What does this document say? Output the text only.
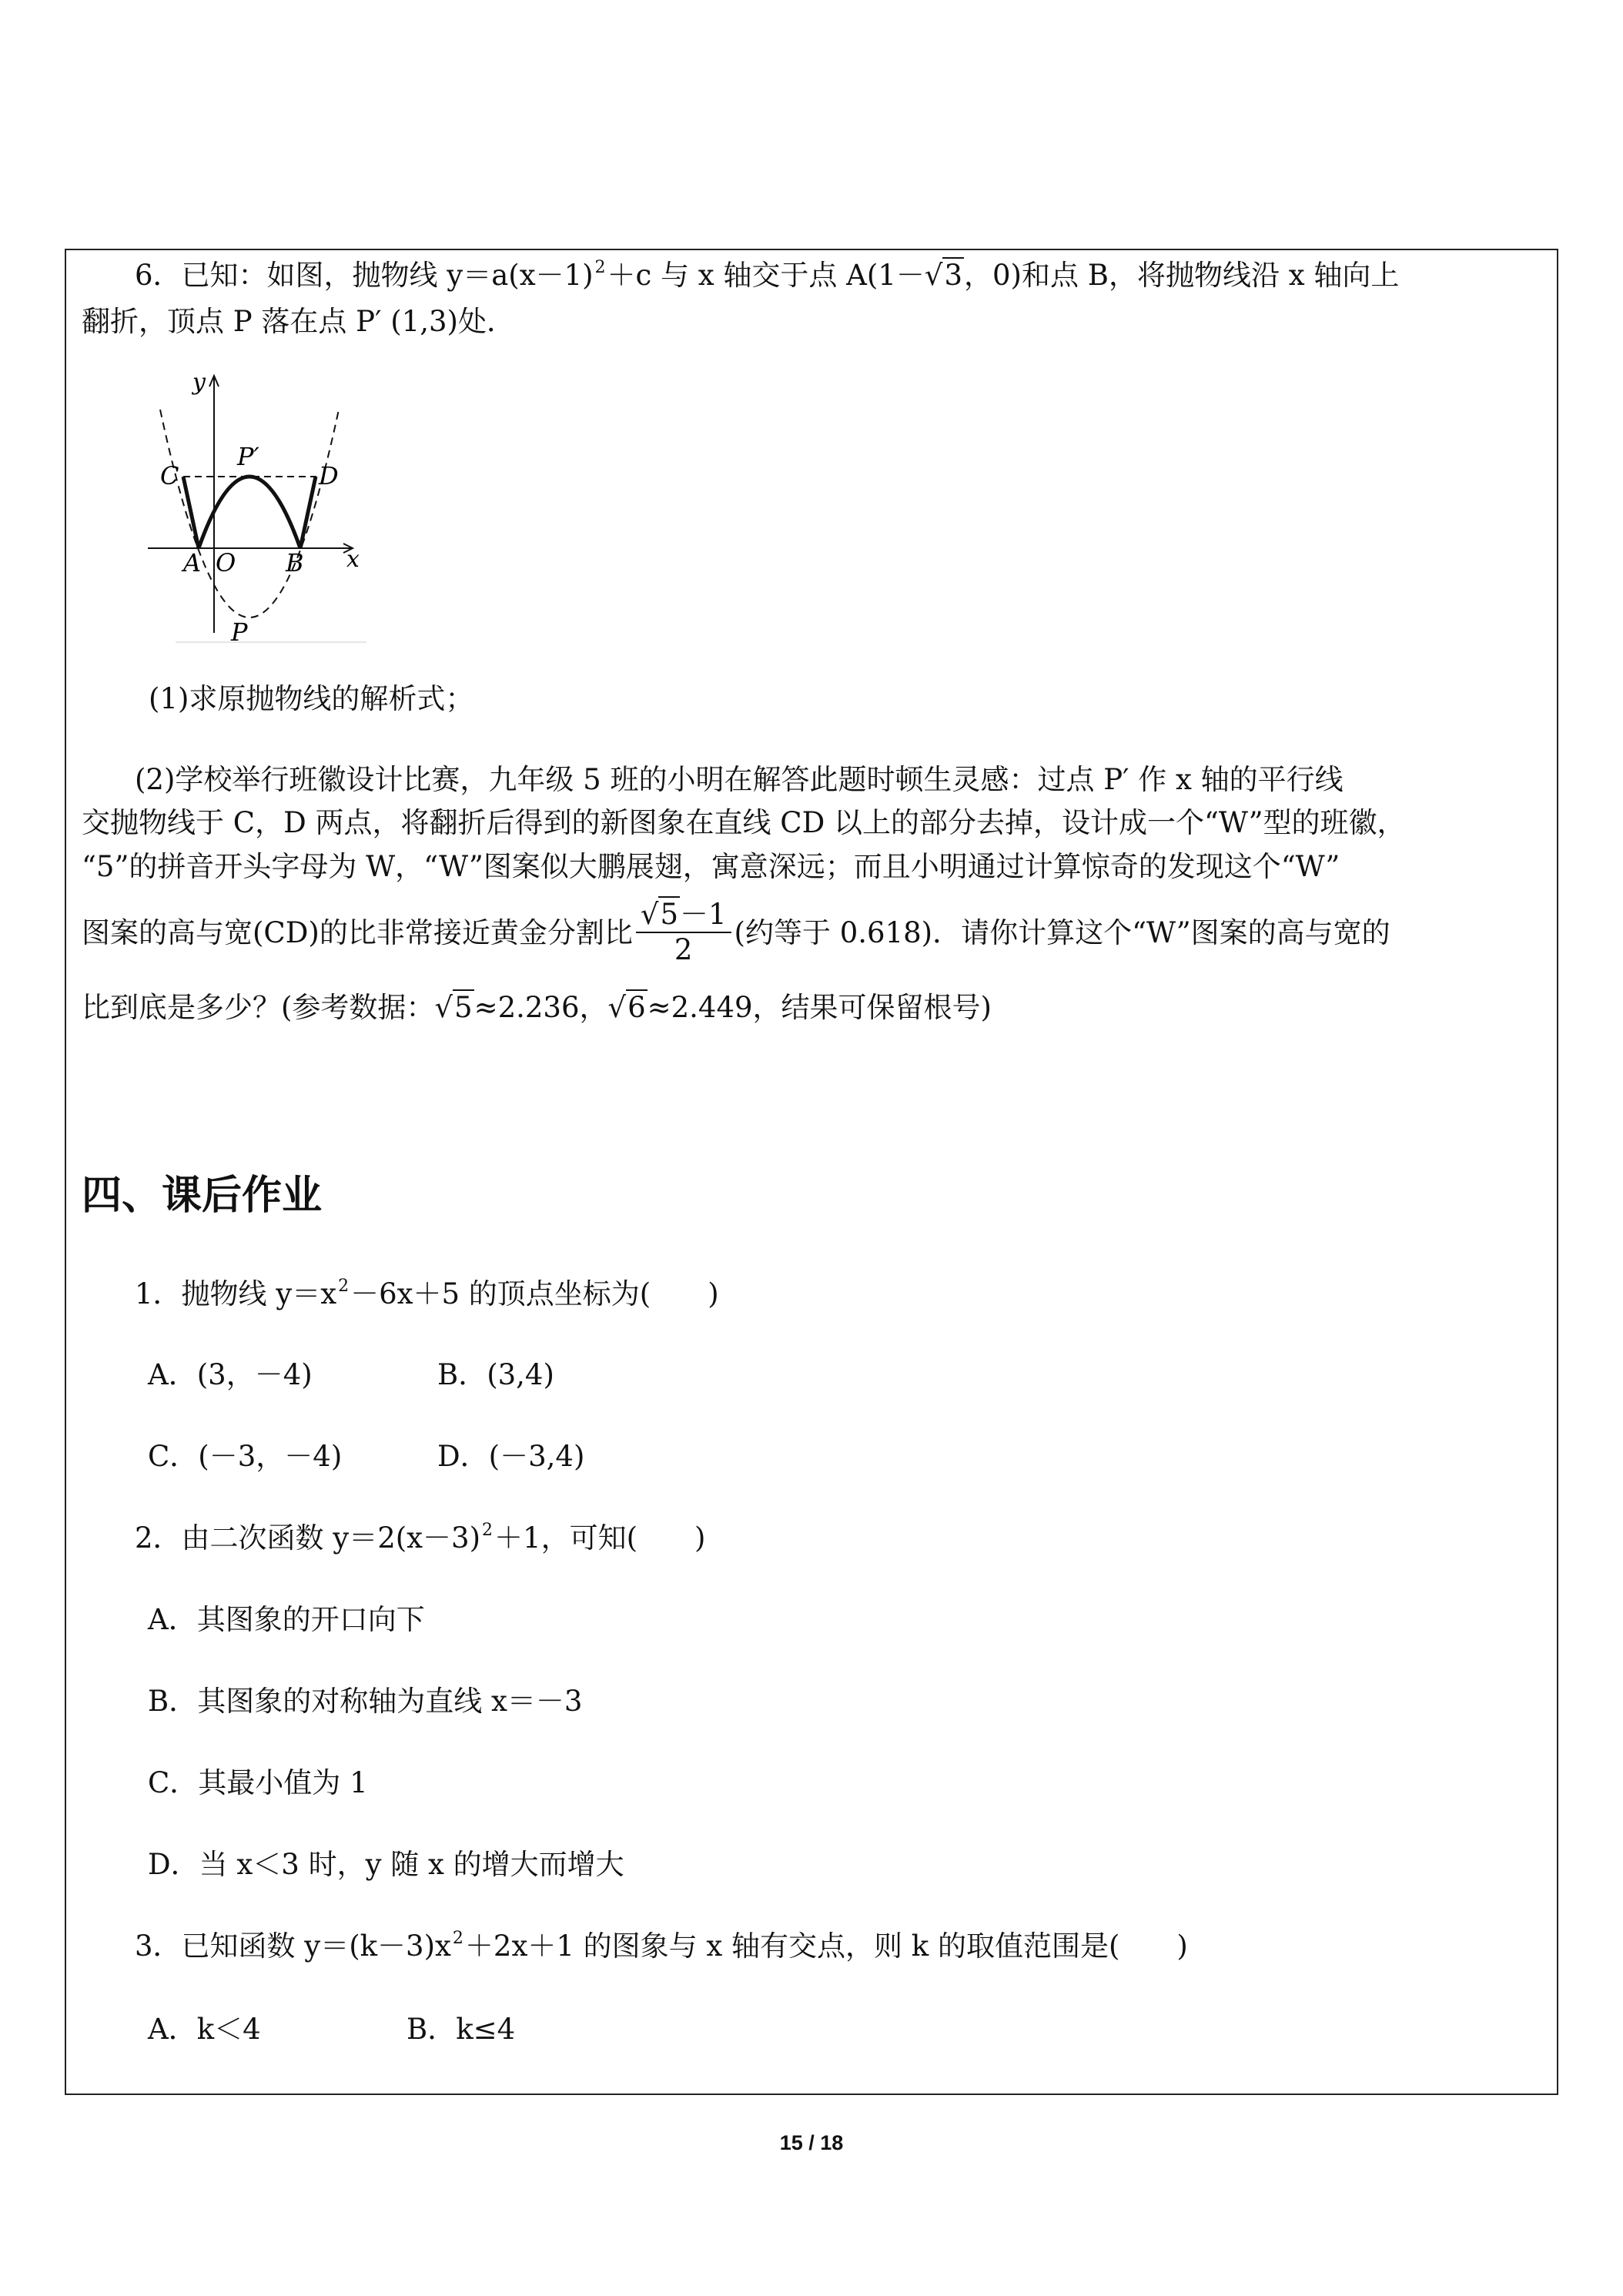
6．已知：如图，抛物线 $y=a(x-1)^2+c$ 与 x 轴交于点 A(1－√3，0)和点 B，将抛物线沿 x 轴向上
翻折，顶点 P 落在点 P′ (1,3)处．
y
x
C	D
P′
A O B
P
(1)求原抛物线的解析式；
(2)学校举行班徽设计比赛，九年级 5 班的小明在解答此题时顿生灵感：过点 P′ 作 x 轴的平行线
交抛物线于 C，D 两点，将翻折后得到的新图象在直线 CD 以上的部分去掉，设计成一个“W”型的班徽，
“5”的拼音开头字母为 W，“W”图案似大鹏展翅，寓意深远；而且小明通过计算惊奇的发现这个“W”
图案的高与宽(CD)的比非常接近黄金分割比 $\frac{√5-1}{2}$ (约等于 0.618)．请你计算这个“W”图案的高与宽的
比到底是多少？(参考数据：√5≈2.236，√6≈2.449，结果可保留根号)
四、课后作业
1．抛物线 $y=x^2-6x+5$ 的顶点坐标为(　　)
A．(3，－4)	B．(3,4)
C．(－3，－4)	D．(－3,4)
2．由二次函数 $y=2(x-3)^2+1$，可知(　　)
A．其图象的开口向下
B．其图象的对称轴为直线 x＝－3
C．其最小值为 1
D．当 x＜3 时，y 随 x 的增大而增大
3．已知函数 $y=(k-3)x^2+2x+1$ 的图象与 x 轴有交点，则 k 的取值范围是(　　)
A．k＜4	B．k≤4
15 / 18
